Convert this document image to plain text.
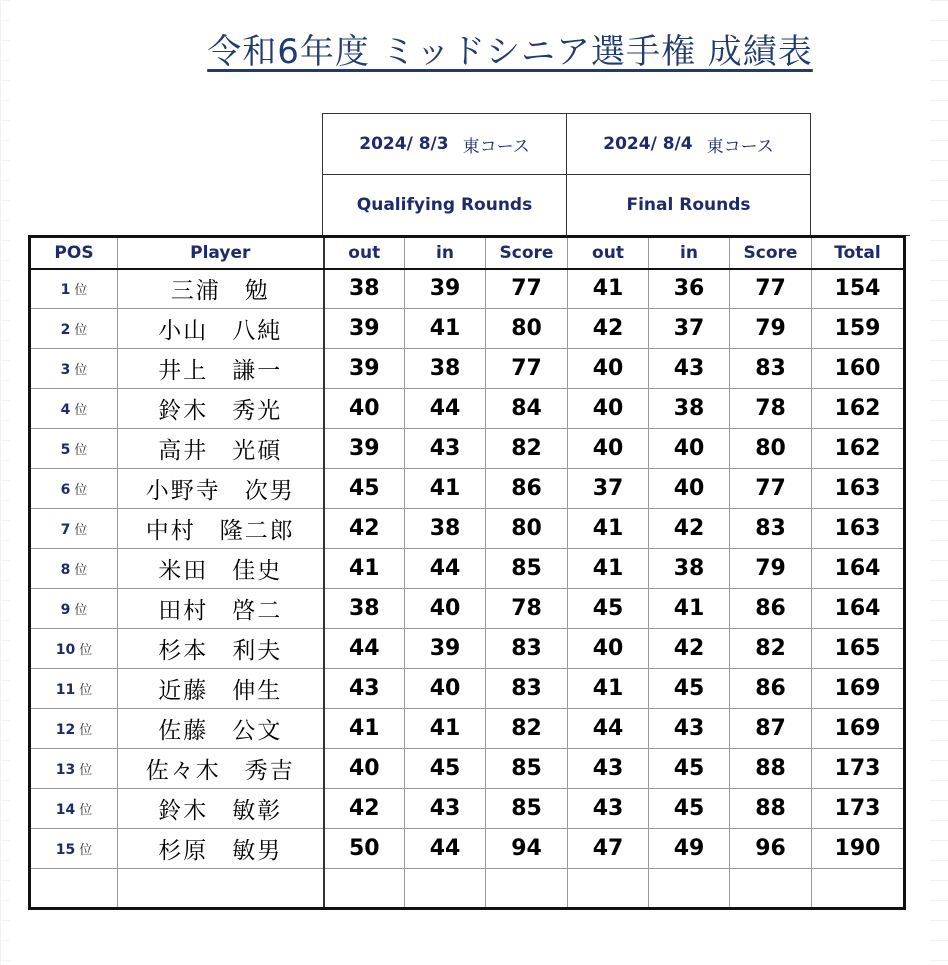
令和6年度 ミッドシニア選手権 成績表
2024/ 8/3 東コース	2024/ 8/4 東コース
Qualifying Rounds	Final Rounds
POS	Player	out	in	Score	out	in	Score	Total
1 位	三浦 勉	38	39	77	41	36	77	154
2 位	小山 八純	39	41	80	42	37	79	159
3 位	井上 謙一	39	38	77	40	43	83	160
4 位	鈴木 秀光	40	44	84	40	38	78	162
5 位	高井 光碩	39	43	82	40	40	80	162
6 位	小野寺 次男	45	41	86	37	40	77	163
7 位	中村 隆二郎	42	38	80	41	42	83	163
8 位	米田 佳史	41	44	85	41	38	79	164
9 位	田村 啓二	38	40	78	45	41	86	164
10 位	杉本 利夫	44	39	83	40	42	82	165
11 位	近藤 伸生	43	40	83	41	45	86	169
12 位	佐藤 公文	41	41	82	44	43	87	169
13 位	佐々木 秀吉	40	45	85	43	45	88	173
14 位	鈴木 敏彰	42	43	85	43	45	88	173
15 位	杉原 敏男	50	44	94	47	49	96	190
